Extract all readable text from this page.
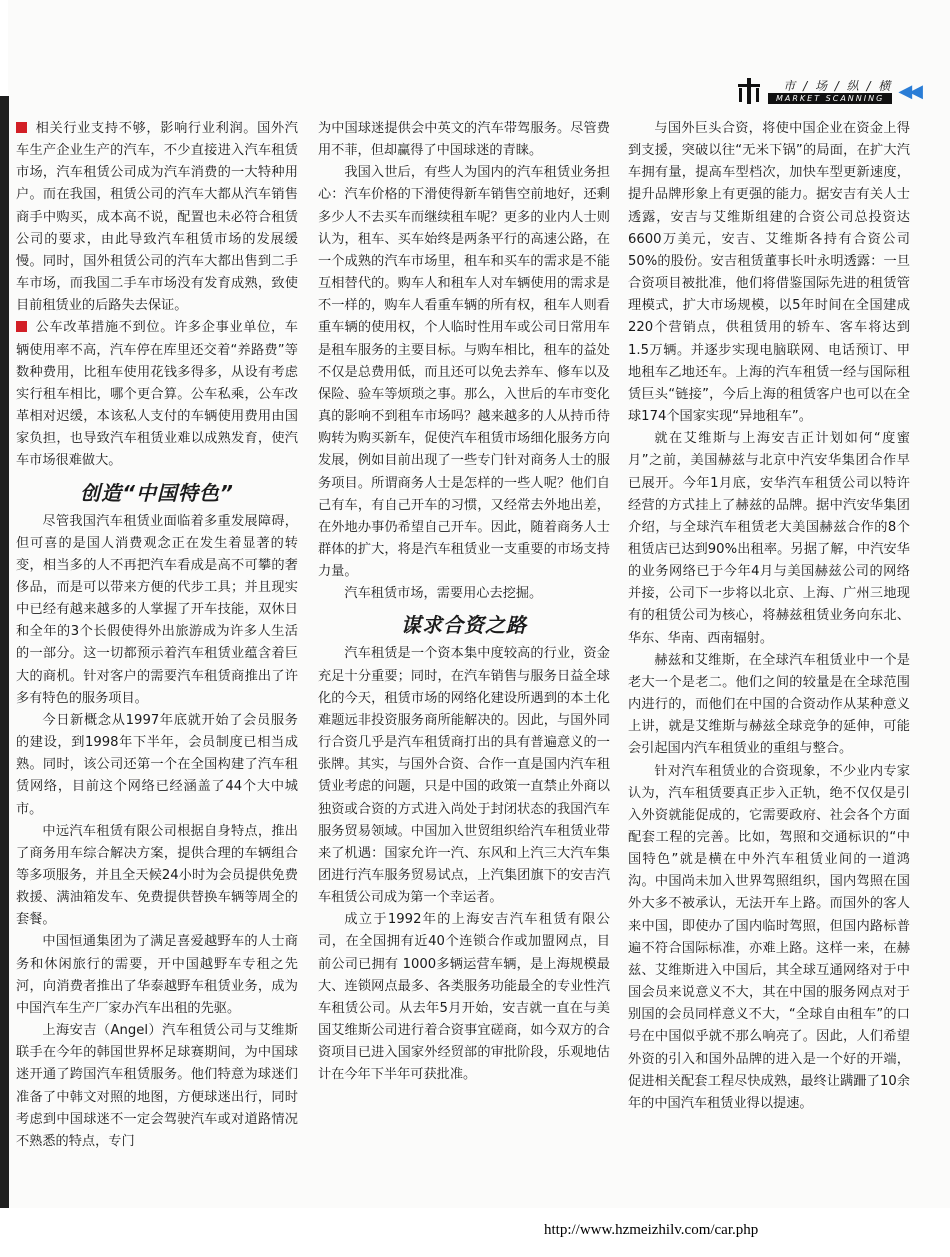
市 / 场 / 纵 / 横
MARKET SCANNING ◀◀

相关行业支持不够，影响行业利润。国外汽车生产企业生产的汽车，不少直接进入汽车租赁市场，汽车租赁公司成为汽车消费的一大特种用户。而在我国，租赁公司的汽车大都从汽车销售商手中购买，成本高不说，配置也未必符合租赁公司的要求，由此导致汽车租赁市场的发展缓慢。同时，国外租赁公司的汽车大都出售到二手车市场，而我国二手车市场没有发育成熟，致使目前租赁业的后路失去保证。

公车改革措施不到位。许多企事业单位，车辆使用率不高，汽车停在库里还交着“养路费”等数种费用，比租车使用花钱多得多，从设有考虑实行租车相比，哪个更合算。公车私乘，公车改革相对迟缓，本该私人支付的车辆使用费用由国家负担，也导致汽车租赁业难以成熟发育，使汽车市场很难做大。

创造“中国特色”

尽管我国汽车租赁业面临着多重发展障碍，但可喜的是国人消费观念正在发生着显著的转变，相当多的人不再把汽车看成是高不可攀的奢侈品，而是可以带来方便的代步工具；并且现实中已经有越来越多的人掌握了开车技能，双休日和全年的3个长假使得外出旅游成为许多人生活的一部分。这一切都预示着汽车租赁业蕴含着巨大的商机。针对客户的需要汽车租赁商推出了许多有特色的服务项目。

今日新概念从1997年底就开始了会员服务的建设，到1998年下半年，会员制度已相当成熟。同时，该公司还第一个在全国构建了汽车租赁网络，目前这个网络已经涵盖了44个大中城市。

中远汽车租赁有限公司根据自身特点，推出了商务用车综合解决方案，提供合理的车辆组合等多项服务，并且全天候24小时为会员提供免费救援、满油箱发车、免费提供替换车辆等周全的套餐。

中国恒通集团为了满足喜爱越野车的人士商务和休闲旅行的需要，开中国越野车专租之先河，向消费者推出了华泰越野车租赁业务，成为中国汽车生产厂家办汽车出租的先驱。

上海安吉（Angel）汽车租赁公司与艾维斯联手在今年的韩国世界杯足球赛期间，为中国球迷开通了跨国汽车租赁服务。他们特意为球迷们准备了中韩文对照的地图，方便球迷出行，同时考虑到中国球迷不一定会驾驶汽车或对道路情况不熟悉的特点，专门

为中国球迷提供会中英文的汽车带驾服务。尽管费用不菲，但却赢得了中国球迷的青睐。

我国入世后，有些人为国内的汽车租赁业务担心：汽车价格的下滑使得新车销售空前地好，还剩多少人不去买车而继续租车呢？更多的业内人士则认为，租车、买车始终是两条平行的高速公路，在一个成熟的汽车市场里，租车和买车的需求是不能互相替代的。购车人和租车人对车辆使用的需求是不一样的，购车人看重车辆的所有权，租车人则看重车辆的使用权，个人临时性用车或公司日常用车是租车服务的主要目标。与购车相比，租车的益处不仅是总费用低，而且还可以免去养车、修车以及保险、验车等烦琐之事。那么，入世后的车市变化真的影响不到租车市场吗？越来越多的人从持币待购转为购买新车，促使汽车租赁市场细化服务方向发展，例如目前出现了一些专门针对商务人士的服务项目。所谓商务人士是怎样的一些人呢？他们自己有车，有自己开车的习惯，又经常去外地出差，在外地办事仍希望自己开车。因此，随着商务人士群体的扩大，将是汽车租赁业一支重要的市场支持力量。

汽车租赁市场，需要用心去挖掘。

谋求合资之路

汽车租赁是一个资本集中度较高的行业，资金充足十分重要；同时，在汽车销售与服务日益全球化的今天，租赁市场的网络化建设所遇到的本土化难题远非投资服务商所能解决的。因此，与国外同行合资几乎是汽车租赁商打出的具有普遍意义的一张牌。其实，与国外合资、合作一直是国内汽车租赁业考虑的问题，只是中国的政策一直禁止外商以独资或合资的方式进入尚处于封闭状态的我国汽车服务贸易领域。中国加入世贸组织给汽车租赁业带来了机遇：国家允许一汽、东风和上汽三大汽车集团进行汽车服务贸易试点，上汽集团旗下的安吉汽车租赁公司成为第一个幸运者。

成立于1992年的上海安吉汽车租赁有限公司，在全国拥有近40个连锁合作或加盟网点，目前公司已拥有 1000多辆运营车辆，是上海规模最大、连锁网点最多、各类服务功能最全的专业性汽车租赁公司。从去年5月开始，安吉就一直在与美国艾维斯公司进行着合资事宜磋商，如今双方的合资项目已进入国家外经贸部的审批阶段，乐观地估计在今年下半年可获批准。

与国外巨头合资，将使中国企业在资金上得到支援，突破以往“无米下锅”的局面，在扩大汽车拥有量，提高车型档次，加快车型更新速度，提升品牌形象上有更强的能力。据安吉有关人士透露，安吉与艾维斯组建的合资公司总投资达6600万美元，安吉、艾维斯各持有合资公司50%的股份。安吉租赁董事长叶永明透露：一旦合资项目被批准，他们将借鉴国际先进的租赁管理模式，扩大市场规模，以5年时间在全国建成220个营销点，供租赁用的轿车、客车将达到1.5万辆。并逐步实现电脑联网、电话预订、甲地租车乙地还车。上海的汽车租赁一经与国际租赁巨头“链接”，今后上海的租赁客户也可以在全球174个国家实现“异地租车”。

就在艾维斯与上海安吉正计划如何“度蜜月”之前，美国赫兹与北京中汽安华集团合作早已展开。今年1月底，安华汽车租赁公司以特许经营的方式挂上了赫兹的品牌。据中汽安华集团介绍，与全球汽车租赁老大美国赫兹合作的8个租赁店已达到90%出租率。另据了解，中汽安华的业务网络已于今年4月与美国赫兹公司的网络并接，公司下一步将以北京、上海、广州三地现有的租赁公司为核心，将赫兹租赁业务向东北、华东、华南、西南辐射。

赫兹和艾维斯，在全球汽车租赁业中一个是老大一个是老二。他们之间的较量是在全球范围内进行的，而他们在中国的合资动作从某种意义上讲，就是艾维斯与赫兹全球竞争的延伸，可能会引起国内汽车租赁业的重组与整合。

针对汽车租赁业的合资现象，不少业内专家认为，汽车租赁要真正步入正轨，绝不仅仅是引入外资就能促成的，它需要政府、社会各个方面配套工程的完善。比如，驾照和交通标识的“中国特色”就是横在中外汽车租赁业间的一道鸿沟。中国尚未加入世界驾照组织，国内驾照在国外大多不被承认，无法开车上路。而国外的客人来中国，即使办了国内临时驾照，但国内路标普遍不符合国际标准，亦难上路。这样一来，在赫兹、艾维斯进入中国后，其全球互通网络对于中国会员来说意义不大，其在中国的服务网点对于别国的会员同样意义不大，“全球自由租车”的口号在中国似乎就不那么响亮了。因此，人们希望外资的引入和国外品牌的进入是一个好的开端，促进相关配套工程尽快成熟，最终让蹒跚了10余年的中国汽车租赁业得以提速。

http://www.hzmeizhilv.com/car.php
